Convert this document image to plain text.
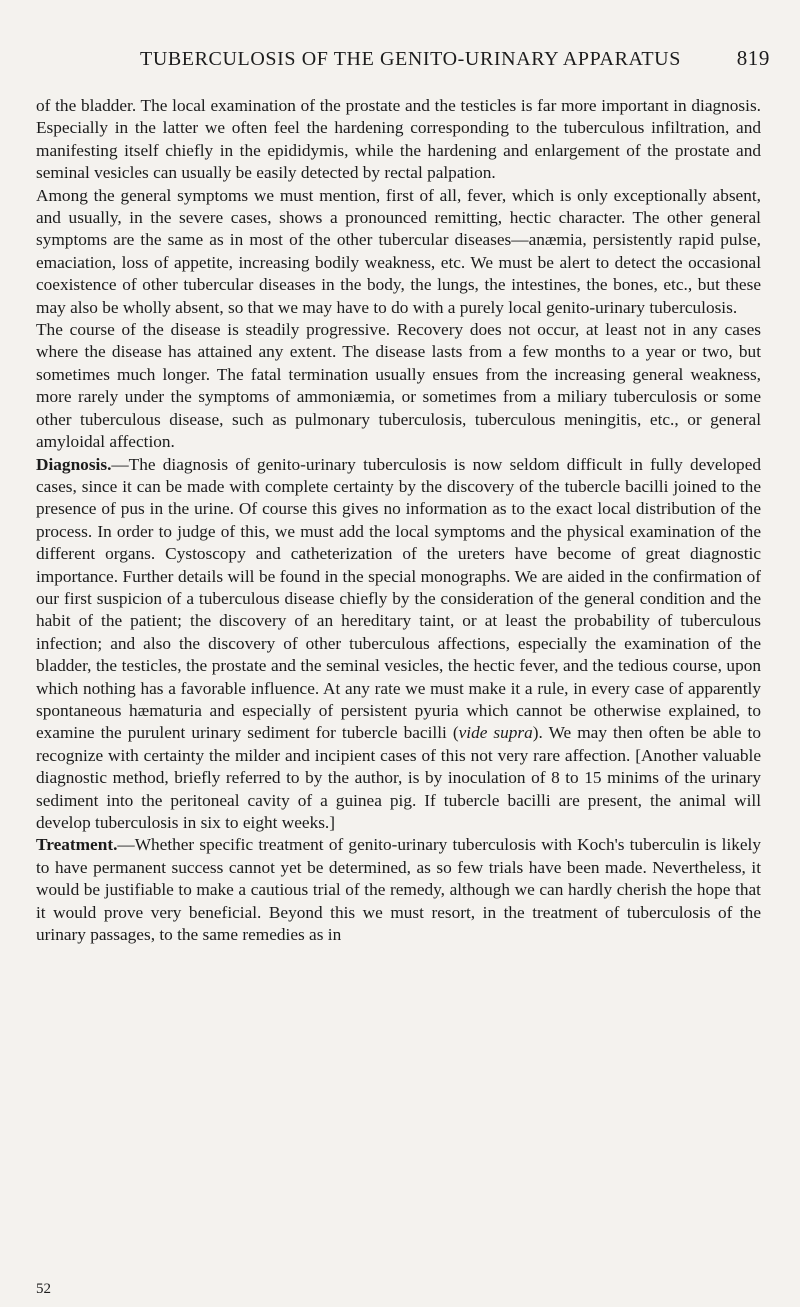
TUBERCULOSIS OF THE GENITO-URINARY APPARATUS	819

of the bladder. The local examination of the prostate and the testicles is far more important in diagnosis. Especially in the latter we often feel the hardening corresponding to the tuberculous infiltration, and manifesting itself chiefly in the epididymis, while the hardening and enlargement of the prostate and seminal vesicles can usually be easily detected by rectal palpation.

Among the general symptoms we must mention, first of all, fever, which is only exceptionally absent, and usually, in the severe cases, shows a pronounced remitting, hectic character. The other general symptoms are the same as in most of the other tubercular diseases—anæmia, persistently rapid pulse, emaciation, loss of appetite, increasing bodily weakness, etc. We must be alert to detect the occasional coexistence of other tubercular diseases in the body, the lungs, the intestines, the bones, etc., but these may also be wholly absent, so that we may have to do with a purely local genito-urinary tuberculosis.

The course of the disease is steadily progressive. Recovery does not occur, at least not in any cases where the disease has attained any extent. The disease lasts from a few months to a year or two, but sometimes much longer. The fatal termination usually ensues from the increasing general weakness, more rarely under the symptoms of ammoniæmia, or sometimes from a miliary tuberculosis or some other tuberculous disease, such as pulmonary tuberculosis, tuberculous meningitis, etc., or general amyloidal affection.

Diagnosis.—The diagnosis of genito-urinary tuberculosis is now seldom difficult in fully developed cases, since it can be made with complete certainty by the discovery of the tubercle bacilli joined to the presence of pus in the urine. Of course this gives no information as to the exact local distribution of the process. In order to judge of this, we must add the local symptoms and the physical examination of the different organs. Cystoscopy and catheterization of the ureters have become of great diagnostic importance. Further details will be found in the special monographs. We are aided in the confirmation of our first suspicion of a tuberculous disease chiefly by the consideration of the general condition and the habit of the patient; the discovery of an hereditary taint, or at least the probability of tuberculous infection; and also the discovery of other tuberculous affections, especially the examination of the bladder, the testicles, the prostate and the seminal vesicles, the hectic fever, and the tedious course, upon which nothing has a favorable influence. At any rate we must make it a rule, in every case of apparently spontaneous hæmaturia and especially of persistent pyuria which cannot be otherwise explained, to examine the purulent urinary sediment for tubercle bacilli (vide supra). We may then often be able to recognize with certainty the milder and incipient cases of this not very rare affection. [Another valuable diagnostic method, briefly referred to by the author, is by inoculation of 8 to 15 minims of the urinary sediment into the peritoneal cavity of a guinea pig. If tubercle bacilli are present, the animal will develop tuberculosis in six to eight weeks.]

Treatment.—Whether specific treatment of genito-urinary tuberculosis with Koch's tuberculin is likely to have permanent success cannot yet be determined, as so few trials have been made. Nevertheless, it would be justifiable to make a cautious trial of the remedy, although we can hardly cherish the hope that it would prove very beneficial. Beyond this we must resort, in the treatment of tuberculosis of the urinary passages, to the same remedies as in

52
